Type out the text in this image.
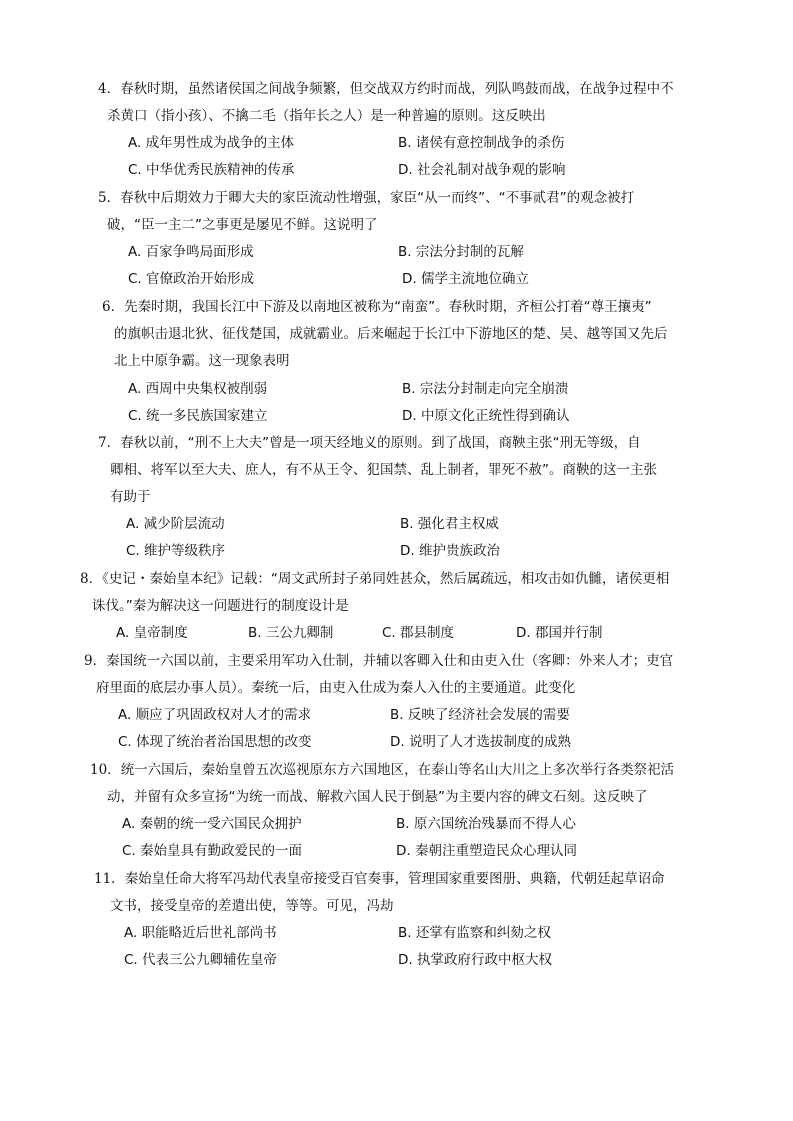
4．春秋时期，虽然诸侯国之间战争频繁，但交战双方约时而战，列队鸣鼓而战，在战争过程中不
杀黄口（指小孩）、不擒二毛（指年长之人）是一种普遍的原则。这反映出
A. 成年男性成为战争的主体	B. 诸侯有意控制战争的杀伤
C. 中华优秀民族精神的传承	D. 社会礼制对战争观的影响
5．春秋中后期效力于卿大夫的家臣流动性增强，家臣“从一而终”、“不事贰君”的观念被打
破，“臣一主二”之事更是屡见不鲜。这说明了
A. 百家争鸣局面形成	B. 宗法分封制的瓦解
C. 官僚政治开始形成	D. 儒学主流地位确立
6．先秦时期，我国长江中下游及以南地区被称为“南蛮”。春秋时期，齐桓公打着“尊王攘夷”
的旗帜击退北狄、征伐楚国，成就霸业。后来崛起于长江中下游地区的楚、吴、越等国又先后
北上中原争霸。这一现象表明
A. 西周中央集权被削弱	B. 宗法分封制走向完全崩溃
C. 统一多民族国家建立	D. 中原文化正统性得到确认
7．春秋以前，“刑不上大夫”曾是一项天经地义的原则。到了战国，商鞅主张“刑无等级，自
卿相、将军以至大夫、庶人，有不从王令、犯国禁、乱上制者，罪死不赦”。商鞅的这一主张
有助于
A. 减少阶层流动	B. 强化君主权威
C. 维护等级秩序	D. 维护贵族政治
8．《史记・秦始皇本纪》记载：“周文武所封子弟同姓甚众，然后属疏远，相攻击如仇雠，诸侯更相
诛伐。”秦为解决这一问题进行的制度设计是
A. 皇帝制度	B. 三公九卿制	C. 郡县制度	D. 郡国并行制
9．秦国统一六国以前，主要采用军功入仕制，并辅以客卿入仕和由吏入仕（客卿：外来人才；吏官
府里面的底层办事人员）。秦统一后，由吏入仕成为秦人入仕的主要通道。此变化
A. 顺应了巩固政权对人才的需求	B. 反映了经济社会发展的需要
C. 体现了统治者治国思想的改变	D. 说明了人才选拔制度的成熟
10．统一六国后，秦始皇曾五次巡视原东方六国地区，在泰山等名山大川之上多次举行各类祭祀活
动，并留有众多宣扬“为统一而战、解救六国人民于倒悬”为主要内容的碑文石刻。这反映了
A. 秦朝的统一受六国民众拥护	B. 原六国统治残暴而不得人心
C. 秦始皇具有勤政爱民的一面	D. 秦朝注重塑造民众心理认同
11．秦始皇任命大将军冯劫代表皇帝接受百官奏事，管理国家重要图册、典籍，代朝廷起草诏命
文书，接受皇帝的差遣出使，等等。可见，冯劫
A. 职能略近后世礼部尚书	B. 还掌有监察和纠劾之权
C. 代表三公九卿辅佐皇帝	D. 执掌政府行政中枢大权
